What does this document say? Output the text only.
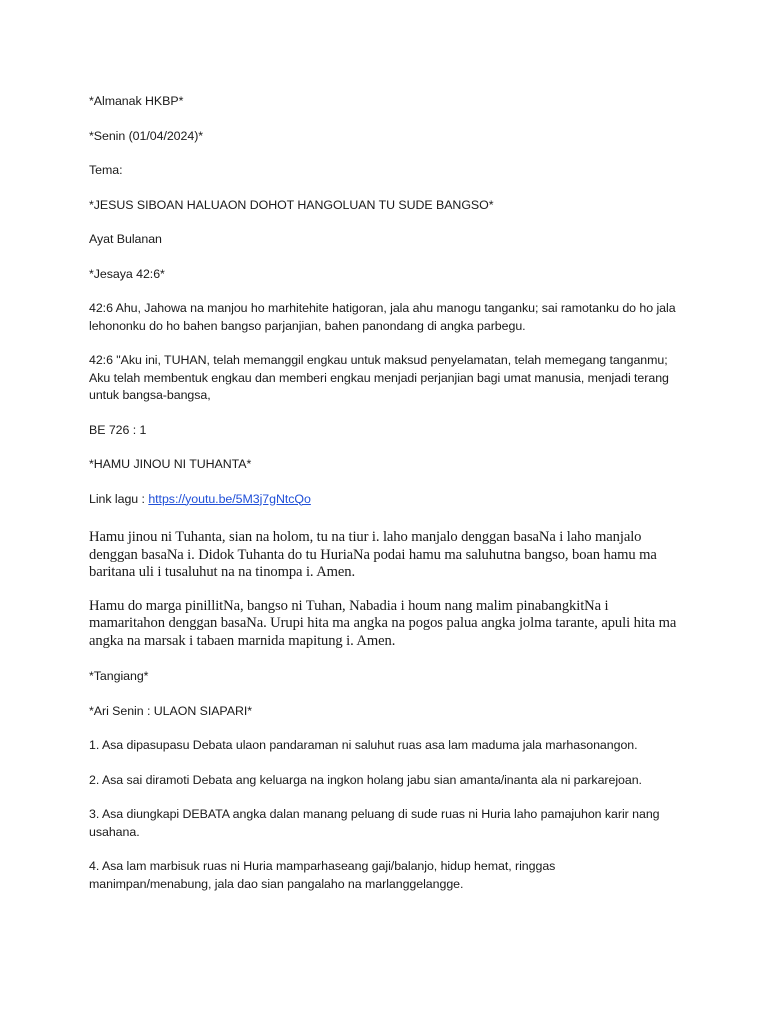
*Almanak HKBP*

*Senin (01/04/2024)*

Tema:

*JESUS SIBOAN HALUAON DOHOT HANGOLUAN TU SUDE BANGSO*

Ayat Bulanan

*Jesaya 42:6*

42:6 Ahu, Jahowa na manjou ho marhitehite hatigoran, jala ahu manogu tanganku; sai ramotanku do ho jala lehononku do ho bahen bangso parjanjian, bahen panondang di angka parbegu.

42:6 "Aku ini, TUHAN, telah memanggil engkau untuk maksud penyelamatan, telah memegang tanganmu; Aku telah membentuk engkau dan memberi engkau menjadi perjanjian bagi umat manusia, menjadi terang untuk bangsa-bangsa,

BE 726 : 1

*HAMU JINOU NI TUHANTA*

Link lagu : https://youtu.be/5M3j7gNtcQo

Hamu jinou ni Tuhanta, sian na holom, tu na tiur i. laho manjalo denggan basaNa i laho manjalo denggan basaNa i. Didok Tuhanta do tu HuriaNa podai hamu ma saluhutna bangso, boan hamu ma baritana uli i tusaluhut na na tinompa i. Amen.

Hamu do marga pinillitNa, bangso ni Tuhan, Nabadia i houm nang malim pinabangkitNa i mamaritahon denggan basaNa. Urupi hita ma angka na pogos palua angka jolma tarante, apuli hita ma angka na marsak i tabaen marnida mapitung i. Amen.

*Tangiang*

*Ari Senin : ULAON SIAPARI*

1. Asa dipasupasu Debata ulaon pandaraman ni saluhut ruas asa lam maduma jala marhasonangon.

2. Asa sai diramoti Debata ang keluarga na ingkon holang jabu sian amanta/inanta ala ni parkarejoan.

3. Asa diungkapi DEBATA angka dalan manang peluang di sude ruas ni Huria laho pamajuhon karir nang usahana.

4. Asa lam marbisuk ruas ni Huria mamparhaseang gaji/balanjo, hidup hemat, ringgas manimpan/menabung, jala dao sian pangalaho na marlanggelangge.
